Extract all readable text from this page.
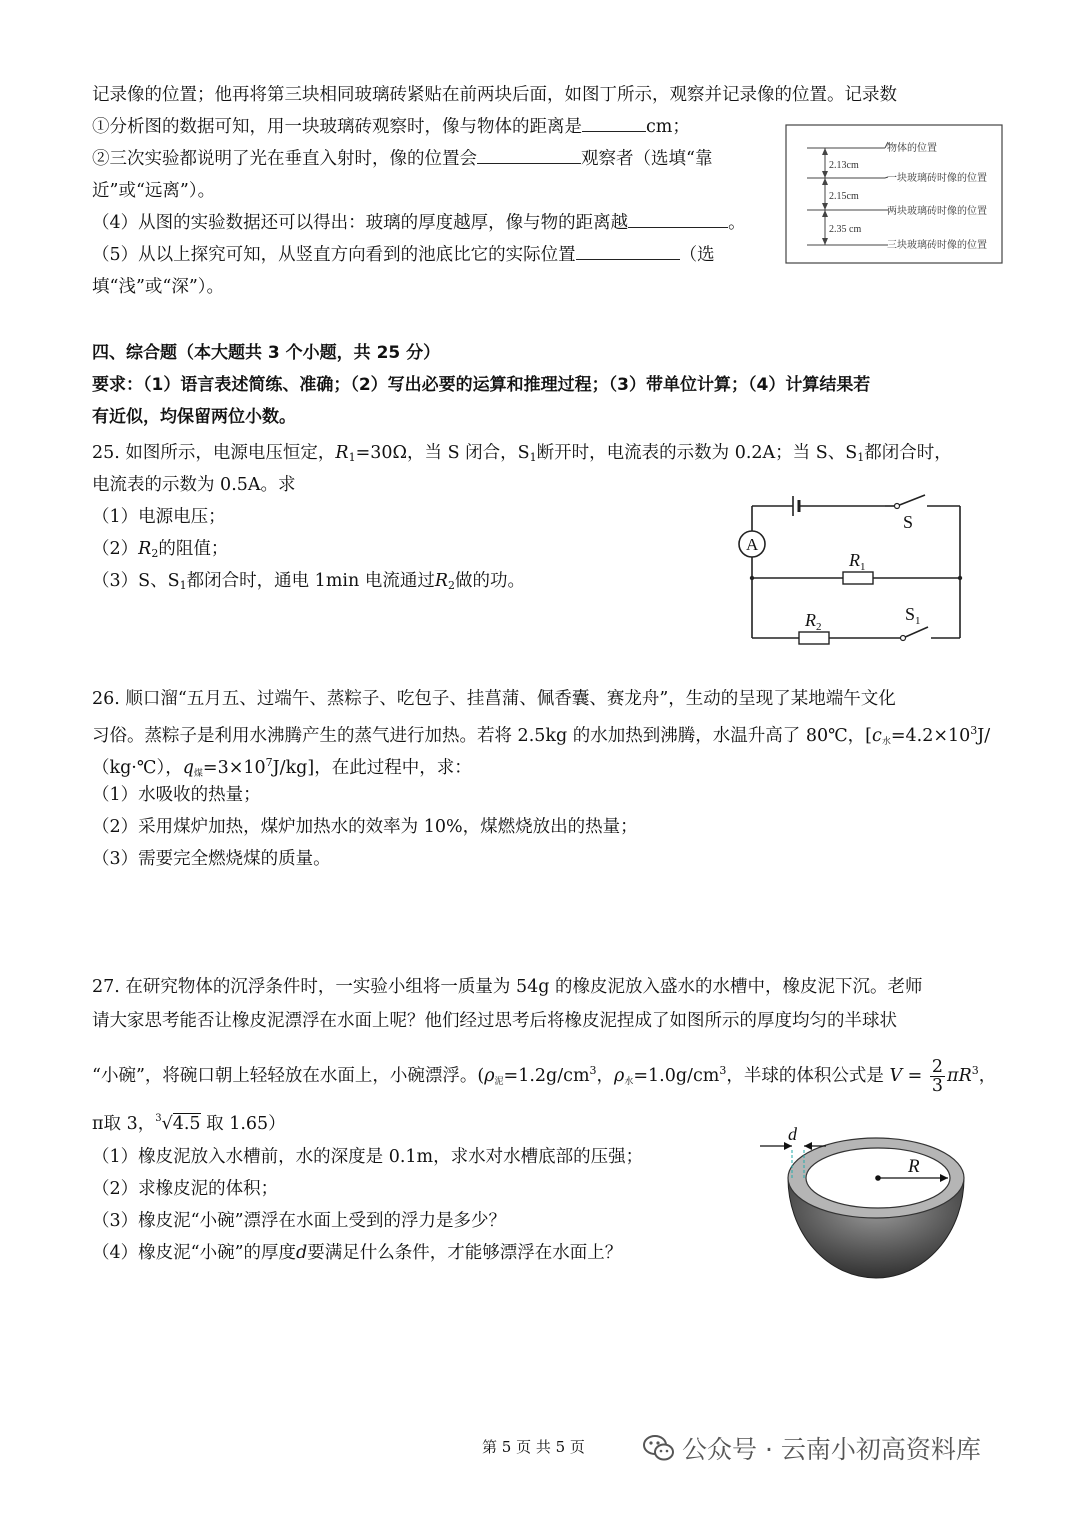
记录像的位置；他再将第三块相同玻璃砖紧贴在前两块后面，如图丁所示，观察并记录像的位置。记录数
①分析图的数据可知，用一块玻璃砖观察时，像与物体的距离是	cm；
②三次实验都说明了光在垂直入射时，像的位置会	观察者（选填“靠
近”或“远离”）。
（4）从图的实验数据还可以得出：玻璃的厚度越厚，像与物的距离越	。
（5）从以上探究可知，从竖直方向看到的池底比它的实际位置	（选
填“浅”或“深”）。
2.13cm
2.15cm
2.35 cm
物体的位置
一块玻璃砖时像的位置
两块玻璃砖时像的位置
三块玻璃砖时像的位置
四、综合题（本大题共 3 个小题，共 25 分）
要求：（1）语言表述简练、准确；（2）写出必要的运算和推理过程；（3）带单位计算；（4）计算结果若
有近似，均保留两位小数。
25. 如图所示，电源电压恒定，$R_1=30\Omega$，当 S 闭合，$S_1$断开时，电流表的示数为 0.2A；当 S、$S_1$都闭合时，
电流表的示数为 0.5A。求
（1）电源电压；
$(2)R_2$的阻值；
（3）S、$S_1$都闭合时，通电 1min 电流通过$R_2$做的功。
A
S
$S_1$
$R_1$
$R_2$
26. 顺口溜“五月五、过端午、蒸粽子、吃包子、挂菖蒲、佩香囊、赛龙舟”，生动的呈现了某地端午文化
习俗。蒸粽子是利用水沸腾产生的蒸气进行加热。若将 2.5kg 的水加热到沸腾，水温升高了 80℃，[$c_水=4.2\times 10^3J/$
（kg·℃），$q_煤=3\times 10^7J/kg$]，在此过程中，求：
（1）水吸收的热量；
（2）采用煤炉加热，煤炉加热水的效率为 10%，煤燃烧放出的热量；
（3）需要完全燃烧煤的质量。
27. 在研究物体的沉浮条件时，一实验小组将一质量为 54g 的橡皮泥放入盛水的水槽中，橡皮泥下沉。老师
请大家思考能否让橡皮泥漂浮在水面上呢？他们经过思考后将橡皮泥捏成了如图所示的厚度均匀的半球状
“小碗”，将碗口朝上轻轻放在水面上，小碗漂浮。($\rho_泥=1.2g/cm^3$，$\rho_水=1.0g/cm^3$，半球的体积公式是 $V = \frac{2}{3} \pi R^3$，
π取 3，$^3$√4.5 取 1.65）
（1）橡皮泥放入水槽前，水的深度是 0.1m，求水对水槽底部的压强；
（2）求橡皮泥的体积；
（3）橡皮泥“小碗”漂浮在水面上受到的浮力是多少？
（4）橡皮泥“小碗”的厚度d要满足什么条件，才能够漂浮在水面上？
d
R
第 5 页 共 5 页	公众号 · 云南小初高资料库
